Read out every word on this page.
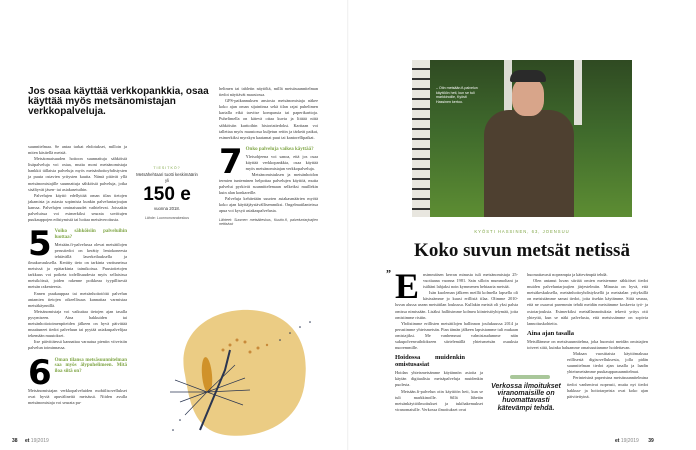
Jos osaa käyttää verkkopankkia, osaa käyttää myös metsänomistajan verkkopalveluja.

suunnitelmaa. Se antaa tarkat ehdotukset, milloin ja miten käsitellä metsiä.

Metsäomaisuuden hoitoon suunnattuja sähköisiä lisäpalveluja voi ostaa, mutta moni metsänomistaja hankkii tällaisia palveluja myös metsänhoitoyhdistysten ja puuta ostavien yritysten kautta. Nämä pitävät yllä metsänomistajille suunnattuja sähköisiä palveluja, jotka sisältyvät jäsen- tai asiakasetuihin.

Palvelujen käyttö edellyttää oman tilan tietojen jakamista ja asiasta sopimista kunkin palveluntarjoajan kanssa. Palvelujen ominaisuudet vaihtelevat. Joissakin palveluissa voi esimerkiksi seurata sovittujen puukauppojen edistymistä tai hoitaa metsäveroitusta.

5 Voiko sähköisiin palveluihin luottaa?

Metsään.fi-palvelussa olevat metsätilojen perustiedot on kerätty lentokoneesta tehtävällä laserkeilauksella ja ilmakuvauksella. Kerätty tieto on tarkinta varttuneissa metsissä ja epätarkinta taimikoissa. Puustotietojen tarkkuus voi poiketa todellisuudesta myös sellaisissa metsiköissä, joiden rakenne poikkeaa tyypillisestä metsän rakenteesta.

Ennen puukauppaa tai metsänhoitotöitä palvelun antamien tietojen oikeellisuus kannattaa varmistaa metsäkäynnillä.

Metsänomistaja voi vaikuttaa tietojen ajan tasalla pysymiseen. Aina hakkuiden tai metsänhoitotoimenpiteiden jälkeen on hyvä päivittää muuttuneet tiedot palveluun tai pyytää asiakaspalvelijaa tekemään muutokset.

Itse päivittäessä kannattaa varautua pieniin viiveisiin palvelun toiminnassa.

6 Oman tilansa metsäsuunnitelman saa myös älypuhelimeen. Mitä iloa siitä on?

Metsänomistajan verkkopalveluiden mobiilisovellukset ovat hyviä apuvälineitä metsässä. Niiden avulla metsänomistaja voi seurata pu-

TIESITKÖ?
Metsähehtaari tuotti keskimäärin yli
150 e
vuonna 2018.
Lähde: Luonnonvarakeskus

helimen tai tabletin näytöltä, millä metsäsuunnitelman tiedot näyttävät maastossa.

GPS-paikannuksen ansiosta metsänomistaja näkee koko ajan oman sijaintinsa sekä tilan rajat puhelimen kartalla eikä tarvitse kompassia tai paperikarttoja. Puhelimella on kätevä ottaa kuvia ja liittää niitä sähköisiin karttoihin historiatiedoksi. Karttaan voi tallettaa myös maastossa kuljetun reitin ja tärkeät paikat, esimerkiksi myrskyn kaatamat puut tai kantorellipaikat.

7 Onko palveluja vaikea käyttää?

Yleisohjeena voi sanoa, että jos osaa käyttää verkkopankkia, osaa käyttää myös metsänomistajan verkkopalveluja.

Metsänomistuksen ja metsänhoidon termien tunteminen helpottaa palvelujen käyttöä, mutta palvelut pyrkivät suunnittelemaan selkeiksi muillekin kuin alan konkareille.

Palveluja kehitetään suurten asiakasmäärien myötä koko ajan käyttäjäystävällisemmiksi. Ongelmatilanteissa apua voi kysyä asiakaspalvelusta.

Lähteet: Suomen metsäkeskus, Kuutio.fi, palveluntarjoajien nettisivut
38 et 19|2019
– Otin metsään.fi-palvelun käyttöön heti, kun se tuli markkinoille, Kyösti Hassinen kertoo.
KYÖSTI HASSINEN, 63, JOENSUU
Koko suvun metsät netissä
” E nsimmäisen kerran minusta tuli metsänomistaja 25-vuotiaana vuonna 1981. Sain silloin mummoltani ja isältäni lahjaksi noin kymmenen hehtaaria metsää.

Isän kuoleman jälkeen meillä kolmella lapsella oli käsissämme jo kuusi erillistä tilaa. Olimme 2010-luvun alussa usean metsätilan loukussa. Kullakin meistä oli yksi palsta omissa nimissään. Lisäksi hallitsimme kolmea kiinteistöyhtymää, joita omistimme ristiin.

Yhdistimme erillisten metsätilojen hallinnon joulukuussa 2014 ja perustimme yhteismetsän. Pian tämän jälkeen lapsistamme tuli mukaan omistajiksi. Me vanhemmat valmistaudumme näin sukupolvenvaihdokseen siirtelemällä yhteismetsän osuuksia nuoremmille.

Hoidossa muidenkin omistusasiat

Hoidan yhteismetsämme käytännön asioita ja käytän digitaalisia metsäpalveluja muidenkin puolesta.

Metsään.fi-palvelun otin käyttöön heti, kun se tuli markkinoille. Sillä lähetän metsänkäyttöilmoitukset ja tukihakemukset viranomaisille. Verkossa ilmoitukset ovat

Verkossa ilmoitukset viranomaisille on huomattavasti kätevämpi tehdä.

huomattavasti nopeampia ja kätevämpiä tehdä.

Olen antanut luvan siirtää omien metsiemme sähköiset tiedot muiden palveluntarjoajien järjestelmiin. Minusta on hyvä, että metsäkeskuksella, metsänhoitoyhdistyksellä ja metsäalan yrityksillä on metsistämme samat tiedot, joita itsekin käytämme. Siitä seuraa, että ne osaavat paremmin tehdä meidän metsiämme koskevia työ- ja ostotarjouksia. Esimerkiksi metsällannoituksia tekevä yritys otti yhteyttä, kun se näki palvelusta, että metsissämme on sopivia lannoituskohteita.

Aina ajan tasalla

Metsillämme on metsäsuunnitelma, joka huomioi meidän omistajien toiveet siitä, kuinka haluamme omaisuuttamme hoidettavan.

Maksan vuosittaista käyttömaksua erillisestä digisovelluksesta, jolla pidän suunnitelman tiedot ajan tasalla ja laadin yhteismetsämme puukauppasuunnitelmat.

Perinteisinä paperisina metsäsuunnitelmina tiedot vanhenivat nopeasti, mutta nyt tiedot hakkuu- ja hoitotarpeista ovat koko ajan päivitettyinä.

et 19|2019 39
